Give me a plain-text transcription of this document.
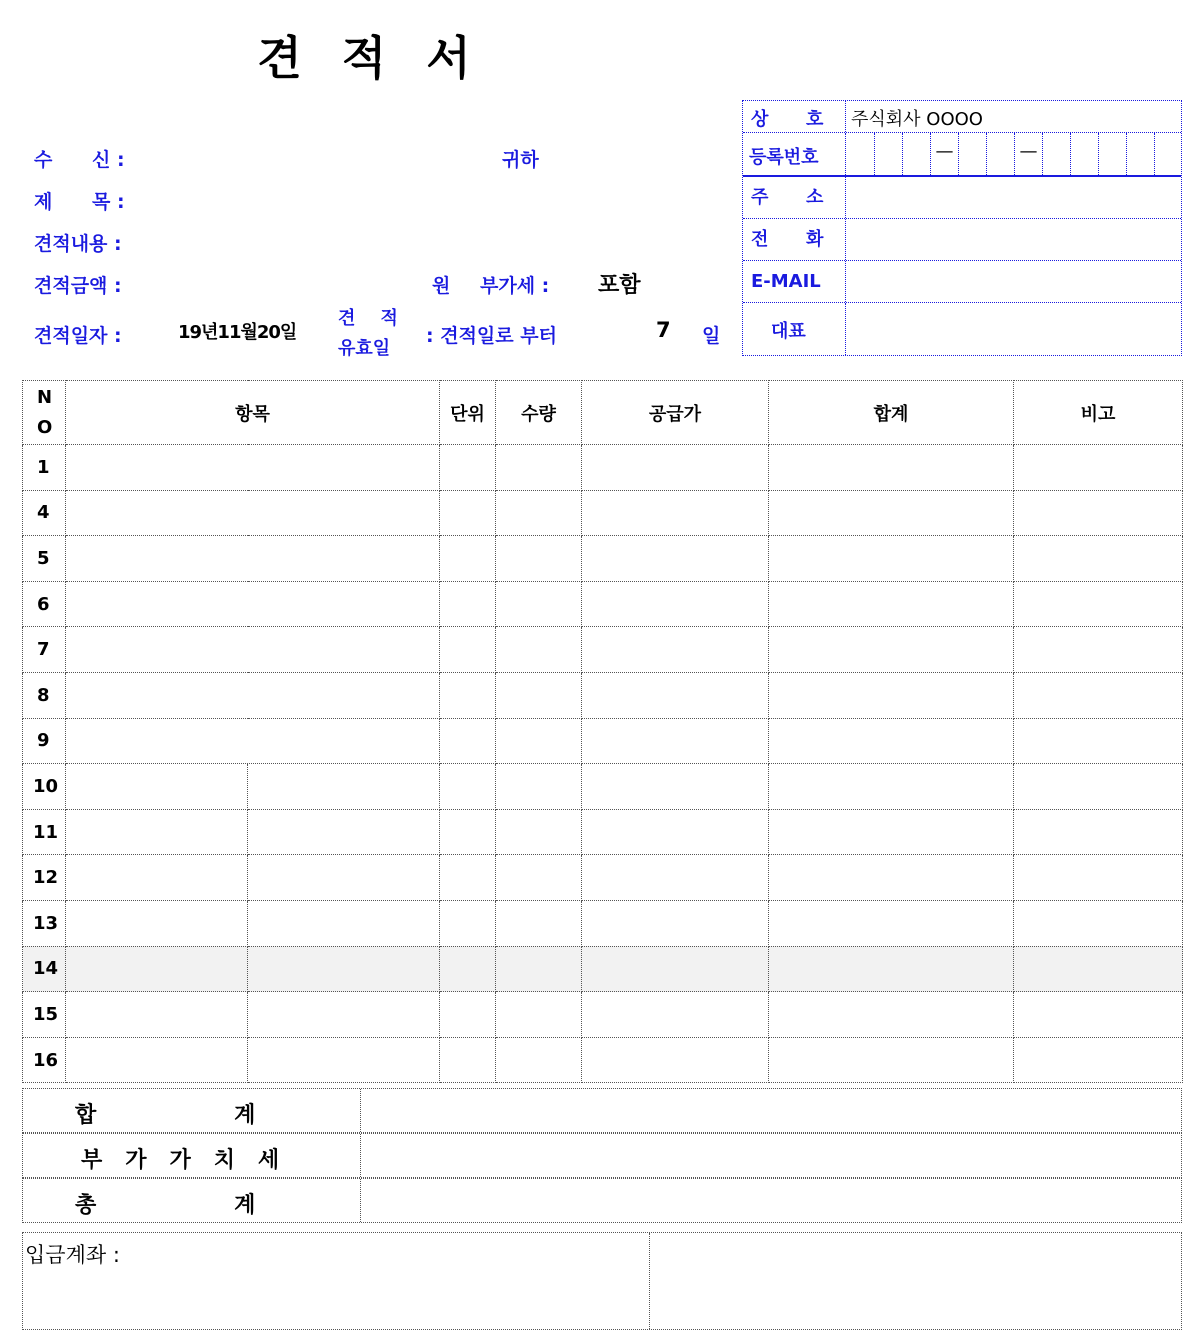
견 적 서
수      신 :	귀하
제      목 :
견적내용 :
견적금액 :	원 부가세 : 포함
견적일자 :	19년11월20일
견    적
유효일
: 견적일로 부터	7 일
상      호 주식회사 OOOO
등록번호	—	—
주      소
전      화
E-MAIL
대표
N
O	항목		단위	수량	공급가	합계	비고
1							
4							
5							
6							
7							
8							
9							
10							
11							
12							
13							
14							
15							
16							
합                  계
부   가   가   치   세
총                  계
입금계좌 :
